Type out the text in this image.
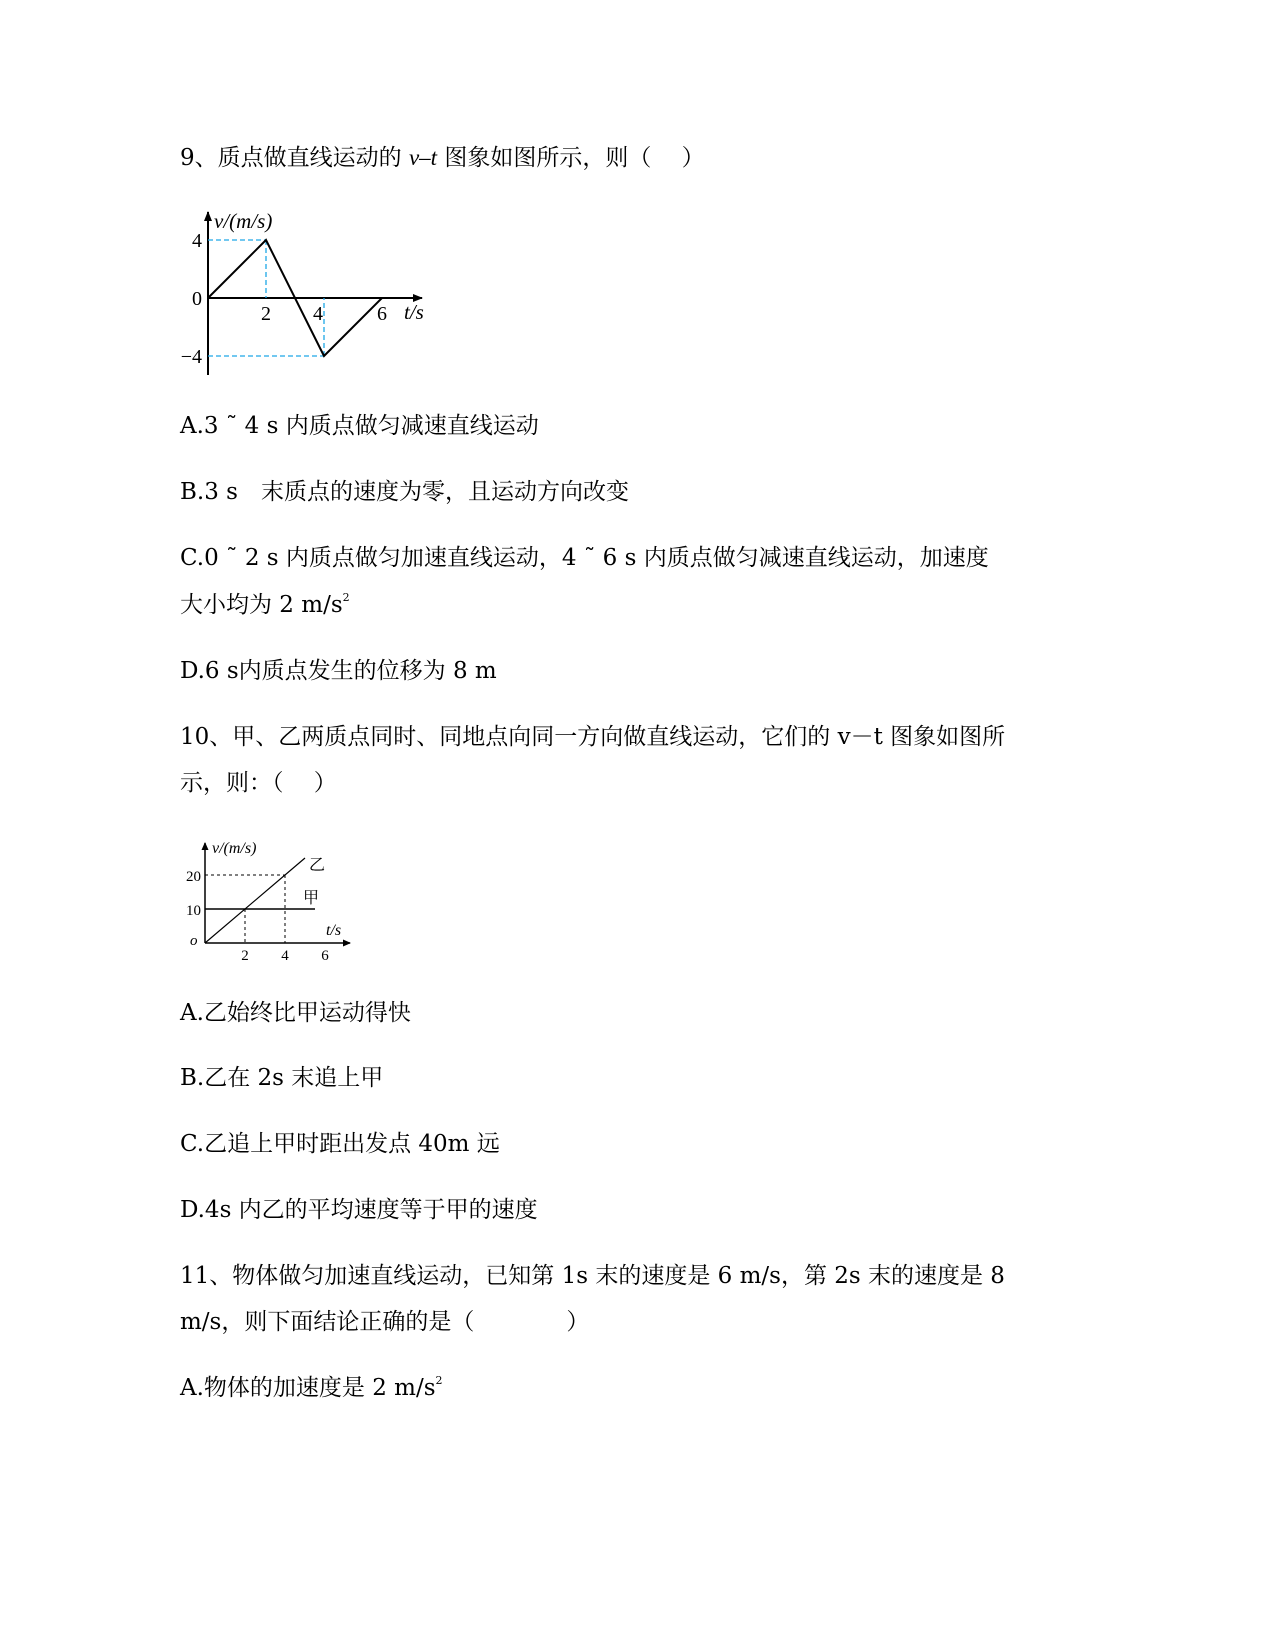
9、质点做直线运动的 v–t 图象如图所示，则（　 ）

v/(m/s)
t/s
2 4	6
4
0
−4

A.3 ˜ 4 s 内质点做匀减速直线运动

B.3 s　末质点的速度为零，且运动方向改变

C.0 ˜ 2 s 内质点做匀加速直线运动，4 ˜ 6 s 内质点做匀减速直线运动，加速度

大小均为 2 $m/s^2$

D.6 s内质点发生的位移为 8 m

10、甲、乙两质点同时、同地点向同一方向做直线运动，它们的 v－t 图象如图所

示，则：（　 ）

v/(m/s)
t/s
o
乙
甲
2 4 6
20
10

A.乙始终比甲运动得快

B.乙在 2s 末追上甲

C.乙追上甲时距出发点 40m 远

D.4s 内乙的平均速度等于甲的速度

11、物体做匀加速直线运动，已知第 1s 末的速度是 6 m/s，第 2s 末的速度是 8

m/s，则下面结论正确的是（　　　　）

A.物体的加速度是 2 $m/s^2$
